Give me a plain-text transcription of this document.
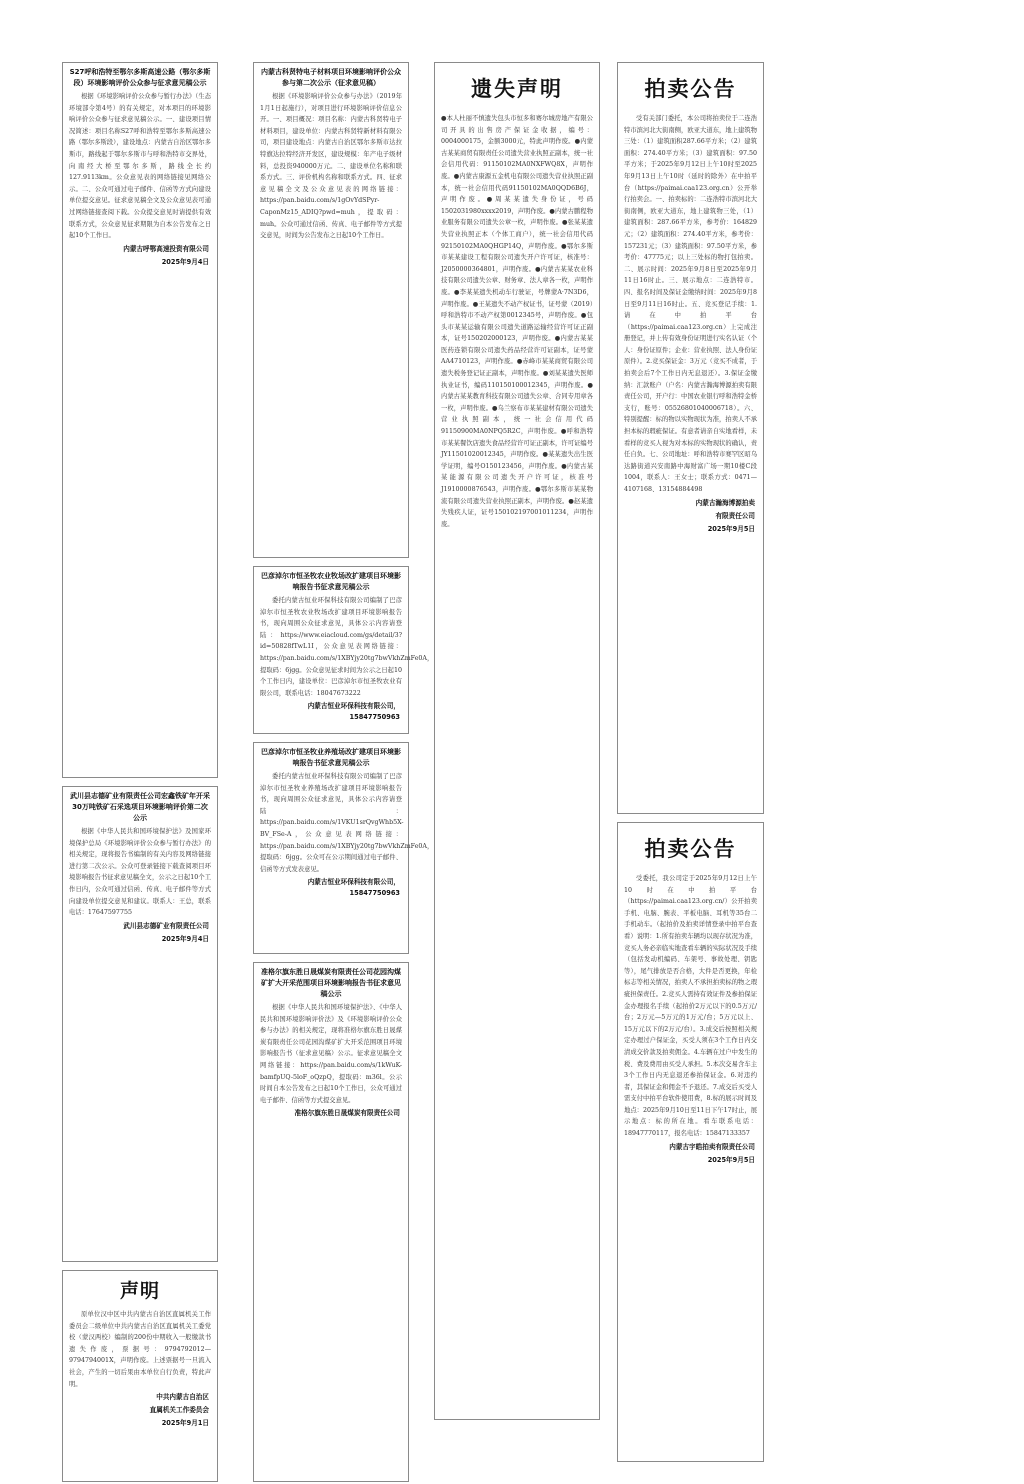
S27呼和浩特至鄂尔多斯高速公路（鄂尔多斯段）环境影响评价公众参与征求意见稿公示
根据《环境影响评价公众参与暂行办法》（生态环境部令第4号）的有关规定，对本项目的环境影响评价公众参与征求意见稿公示。一、建设项目情况简述：项目名称S27呼和浩特至鄂尔多斯高速公路（鄂尔多斯段），建设地点：内蒙古自治区鄂尔多斯市，路线起于鄂尔多斯市与呼和浩特市交界处，向南经大桥至鄂尔多斯，路线全长约127.9113km。公众意见表的网络链接见网络公示。二、公众可通过电子邮件、信函等方式向建设单位提交意见。征求意见稿全文及公众意见表可通过网络链接查阅下载。公众提交意见时请提供有效联系方式，公众意见征求期限为自本公告发布之日起10个工作日。
内蒙古呼鄂高速投资有限公司
2025年9月4日
武川县志德矿业有限责任公司宏鑫铁矿年开采30万吨铁矿石采选项目环境影响评价第二次公示
根据《中华人民共和国环境保护法》及国家环境保护总局《环境影响评价公众参与暂行办法》的相关规定，现将报告书编制的有关内容及网络链接进行第二次公示。公众可登录链接下载查阅项目环境影响报告书征求意见稿全文，公示之日起10个工作日内，公众可通过信函、传真、电子邮件等方式向建设单位提交意见和建议。联系人：王总，联系电话：17647597755
武川县志德矿业有限责任公司
2025年9月4日
声明
原单位汉中区中共内蒙古自治区直属机关工作委员会二级单位中共内蒙古自治区直属机关工委党校（蒙汉两校）编制的200份中期收入一般缴款书遗失作废，票据号：9794792012—9794794001X，声明作废。上述票据号一旦流入社会，产生的一切后果由本单位自行负责，特此声明。
中共内蒙古自治区
直属机关工作委员会
2025年9月1日
内蒙古科贤特电子材料项目环境影响评价公众参与第二次公示（征求意见稿）
根据《环境影响评价公众参与办法》（2019年1月1日起施行），对项目进行环境影响评价信息公开。一、项目概况：项目名称：内蒙古科贤特电子材料项目，建设单位：内蒙古科贤特新材料有限公司，项目建设地点：内蒙古自治区鄂尔多斯市达拉特旗达拉特经济开发区，建设规模：年产电子级材料，总投资940000万元。二、建设单位名称和联系方式。三、评价机构名称和联系方式。四、征求意见稿全文及公众意见表的网络链接：https://pan.baidu.com/s/1gOvYdSPyr-CaponMz15_ADIQ?pwd=muh，提取码：muh。公众可通过信函、传真、电子邮件等方式提交意见，时间为公告发布之日起10个工作日。
巴彦淖尔市恒圣牧农业牧场改扩建项目环境影响报告书征求意见稿公示
委托内蒙古恒业环保科技有限公司编制了巴彦淖尔市恒圣牧农业牧场改扩建项目环境影响报告书，现向周围公众征求意见，具体公示内容请登陆：https://www.eiacloud.com/gs/detail/3?id=50828fTwL1I，公众意见表网络链接：https://pan.baidu.com/s/1XBYjy20tg7bwVkhZmFe0A，提取码：6jgg。公众意见征求时间为公示之日起10个工作日内，建设单位：巴彦淖尔市恒圣牧农业有限公司，联系电话：18047673222
内蒙古恒业环保科技有限公司，15847750963
巴彦淖尔市恒圣牧业养殖场改扩建项目环境影响报告书征求意见稿公示
委托内蒙古恒业环保科技有限公司编制了巴彦淖尔市恒圣牧业养殖场改扩建项目环境影响报告书，现向周围公众征求意见，具体公示内容请登陆：https://pan.baidu.com/s/1VKU1srQvgWhb5X-BV_FSe-A，公众意见表网络链接：https://pan.baidu.com/s/1XBYjy20tg7bwVkhZmFe0A，提取码：6jgg。公众可在公示期间通过电子邮件、信函等方式发表意见。
内蒙古恒业环保科技有限公司，15847750963
准格尔旗东胜日晟煤炭有限责任公司花园沟煤矿扩大开采范围项目环境影响报告书征求意见稿公示
根据《中华人民共和国环境保护法》、《中华人民共和国环境影响评价法》及《环境影响评价公众参与办法》的相关规定，现将准格尔旗东胜日晟煤炭有限责任公司花园沟煤矿扩大开采范围项目环境影响报告书（征求意见稿）公示。征求意见稿全文网络链接：https://pan.baidu.com/s/1kWuK-bamfpUQ-5loF_oQzpQ，提取码：m36l。公示时间自本公告发布之日起10个工作日，公众可通过电子邮件、信函等方式提交意见。
准格尔旗东胜日晟煤炭有限责任公司
遗失声明
●本人杜丽不慎遗失包头市恒多和赛尔城房地产有限公司开具的出售房产保证金收据，编号：0004000175，金额3000元，特此声明作废。●内蒙古某某商贸有限责任公司遗失营业执照正副本，统一社会信用代码：91150102MA0NXFWQ8X，声明作废。●内蒙古康源五金机电有限公司遗失营业执照正副本，统一社会信用代码91150102MA0QQD6B6J，声明作废。●周某某遗失身份证，号码1502031980xxxx2019，声明作废。●内蒙古鹏程物业服务有限公司遗失公章一枚，声明作废。●张某某遗失营业执照正本（个体工商户），统一社会信用代码92150102MA0QHGP14Q，声明作废。●鄂尔多斯市某某建设工程有限公司遗失开户许可证，核准号：J2050000364801，声明作废。●内蒙古某某农业科技有限公司遗失公章、财务章、法人章各一枚，声明作废。●李某某遗失机动车行驶证，号牌蒙A·7N3D6，声明作废。●王某遗失不动产权证书，证号蒙（2019）呼和浩特市不动产权第0012345号，声明作废。●包头市某某运输有限公司遗失道路运输经营许可证正副本，证号150202000123，声明作废。●内蒙古某某医药连锁有限公司遗失药品经营许可证副本，证号蒙AA4710123，声明作废。●赤峰市某某商贸有限公司遗失税务登记证正副本，声明作废。●刘某某遗失医师执业证书，编码110150100012345，声明作废。●内蒙古某某教育科技有限公司遗失公章、合同专用章各一枚，声明作废。●乌兰察布市某某建材有限公司遗失营业执照副本，统一社会信用代码91150900MA0NPQ5R2C，声明作废。●呼和浩特市某某餐饮店遗失食品经营许可证正副本，许可证编号JY11501020012345，声明作废。●某某遗失出生医学证明，编号O150123456，声明作废。●内蒙古某某能源有限公司遗失开户许可证，核准号J1910000876543，声明作废。●鄂尔多斯市某某物流有限公司遗失营业执照正副本，声明作废。●赵某遗失残疾人证，证号150102197001011234，声明作废。
拍卖公告
受有关部门委托，本公司将拍卖位于二连浩特市滨河北大街南侧，欧亚大道东，地上建筑物三处：（1）建筑面积287.66平方米；（2）建筑面积：274.40平方米；（3）建筑面积：97.50平方米；于2025年9月12日上午10时至2025年9月13日上午10时（延时的除外）在中拍平台（https://paimai.caa123.org.cn）公开举行拍卖会。一、拍卖标的：二连浩特市滨河北大街南侧，欧亚大道东，地上建筑物三处，（1）建筑面积：287.66平方米，参考价：164829元；（2）建筑面积：274.40平方米，参考价：157231元；（3）建筑面积：97.50平方米，参考价：47775元；以上三处标的物打包拍卖。二、展示时间：2025年9月8日至2025年9月11日16时止。三、展示地点：二连浩特市。四、报名时间及保证金缴纳时间：2025年9月8日至9月11日16时止。五、竞买登记手续：1.请在中拍平台（https://paimai.caa123.org.cn）上完成注册登记，并上传有效身份证明进行实名认证（个人：身份证原件；企业：营业执照、法人身份证原件）。2.竞买保证金：3万元（竞买不成者，于拍卖会后7个工作日内无息退还）。3.保证金缴纳：汇款账户（户名：内蒙古瀚海博源拍卖有限责任公司，开户行：中国农业银行呼和浩特金桥支行，账号：05526801040006718）。六、特别提醒：标的物以实物现状为准，拍卖人不承担本标的瑕疵保证。有意者请亲自实地看样，未看样的竞买人视为对本标的实物现状的确认，责任自负。七、公司地址：呼和浩特市赛罕区昭乌达路街道兴安南路中海财富广场一期10楼C段1004，联系人：王女士；联系方式：0471—4107168、13154884498
内蒙古瀚海博源拍卖
有限责任公司
2025年9月5日
拍卖公告
受委托，我公司定于2025年9月12日上午10时在中拍平台（https://paimai.caa123.org.cn/）公开拍卖手机、电脑、腕表、平板电脑、耳机等35台二手机动车。（起拍价及拍卖详情登录中拍平台查看）说明：1.所有拍卖车辆均以现存状况为准，竞买人务必亲临实地查看车辆的实际状况及手续（包括发动机编码、车架号、事故处理、钥匙等），尾气排放是否合格，大件是否更换，年检标志等相关情况，拍卖人不承担拍卖标的物之瑕疵担保责任。2.竞买人需持有效证件及参拍保证金办理报名手续（起拍价2万元以下的0.5万元/台；2万元—5万元的1万元/台；5万元以上、15万元以下的2万元/台）。3.成交后按照相关规定办理过户保证金，买受人须在3个工作日内交清成交价款及拍卖佣金。4.车辆在过户中发生的税、费及费用由买受人承担。5.本次交易含车主3个工作日内无息退还参拍保证金。6.对违约者，其保证金和佣金不予退还。7.成交后买受人需支付中拍平台软件使用费，8.标的展示时间及地点：2025年9月10日至11日下午17时止，展示地点：标的所在地。看车联系电话：18947770117，报名电话：15847133357
内蒙古宇皓拍卖有限责任公司
2025年9月5日
